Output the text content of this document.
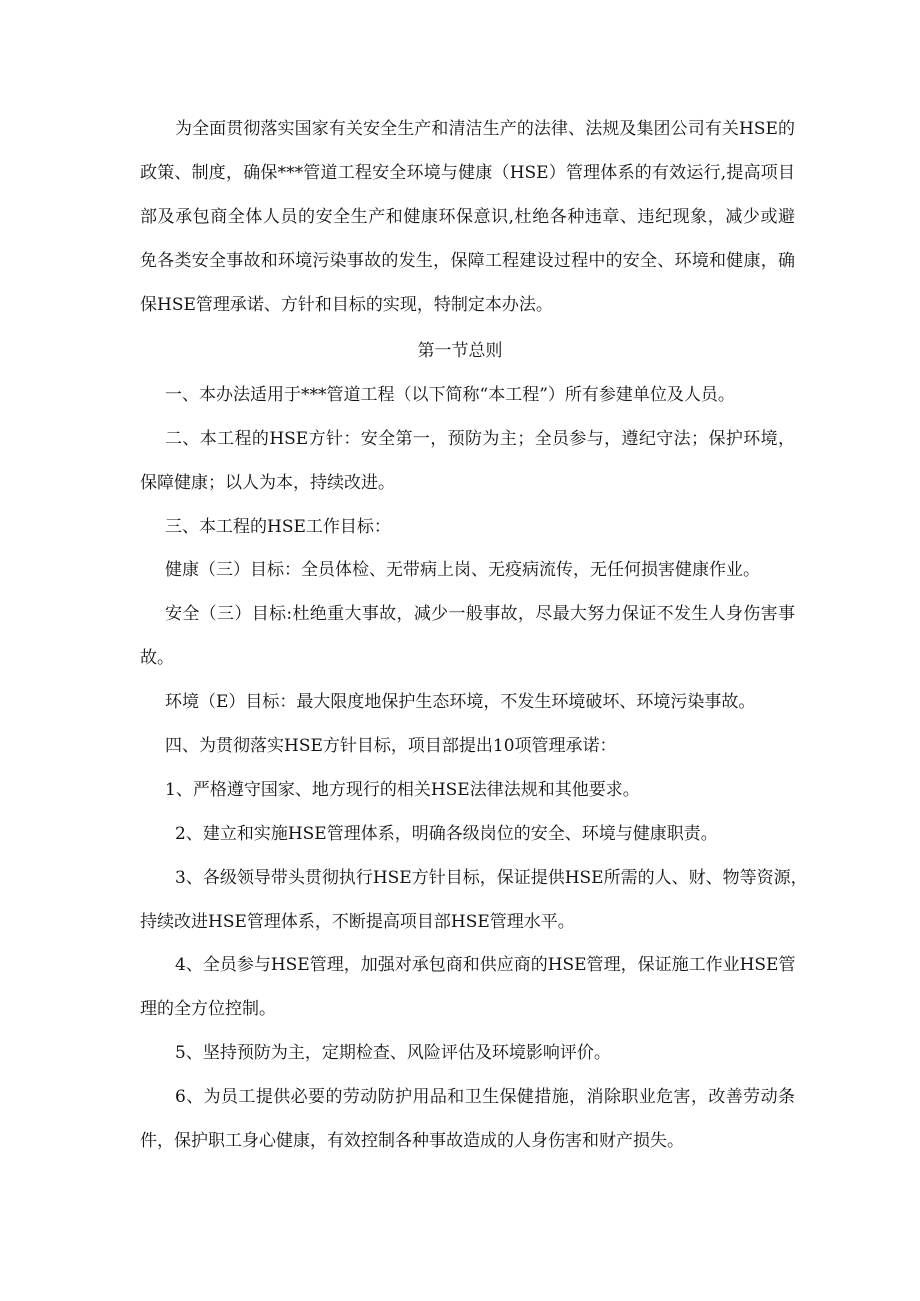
为全面贯彻落实国家有关安全生产和清洁生产的法律、法规及集团公司有关HSE的
政策、制度，确保***管道工程安全环境与健康（HSE）管理体系的有效运行,提高项目
部及承包商全体人员的安全生产和健康环保意识,杜绝各种违章、违纪现象，减少或避
免各类安全事故和环境污染事故的发生，保障工程建设过程中的安全、环境和健康，确
保HSE管理承诺、方针和目标的实现，特制定本办法。
第一节总则
一、本办法适用于***管道工程（以下简称“本工程”）所有参建单位及人员。
二、本工程的HSE方针：安全第一，预防为主；全员参与，遵纪守法；保护环境，
保障健康；以人为本，持续改进。
三、本工程的HSE工作目标：
健康（三）目标：全员体检、无带病上岗、无疫病流传，无任何损害健康作业。
安全（三）目标:杜绝重大事故，减少一般事故，尽最大努力保证不发生人身伤害事
故。
环境（E）目标：最大限度地保护生态环境，不发生环境破坏、环境污染事故。
四、为贯彻落实HSE方针目标，项目部提出10项管理承诺：
1、严格遵守国家、地方现行的相关HSE法律法规和其他要求。
2、建立和实施HSE管理体系，明确各级岗位的安全、环境与健康职责。
3、各级领导带头贯彻执行HSE方针目标，保证提供HSE所需的人、财、物等资源，
持续改进HSE管理体系，不断提高项目部HSE管理水平。
4、全员参与HSE管理，加强对承包商和供应商的HSE管理，保证施工作业HSE管
理的全方位控制。
5、坚持预防为主，定期检查、风险评估及环境影响评价。
6、为员工提供必要的劳动防护用品和卫生保健措施，消除职业危害，改善劳动条
件，保护职工身心健康，有效控制各种事故造成的人身伤害和财产损失。
